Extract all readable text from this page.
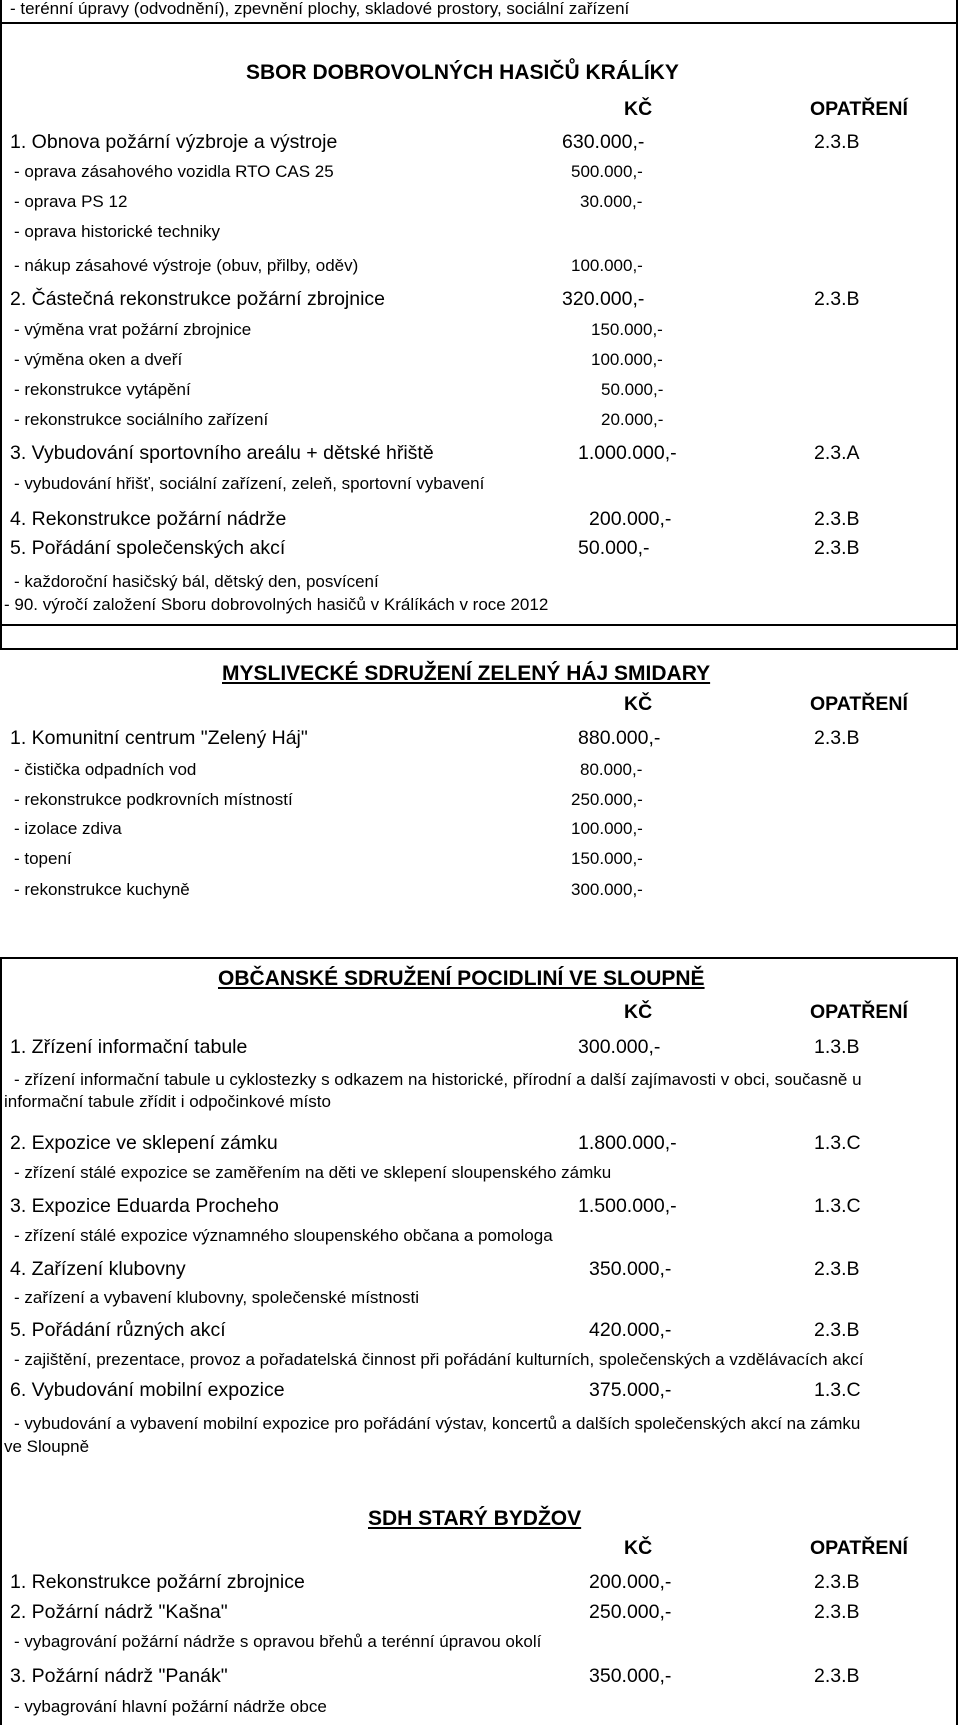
- terénní úpravy (odvodnění), zpevnění plochy, skladové prostory, sociální zařízení
SBOR DOBROVOLNÝCH HASIČŮ KRÁLÍKY
KČ	OPATŘENÍ
1. Obnova požární výzbroje a výstroje	630.000,-	2.3.B
- oprava zásahového vozidla RTO CAS 25	500.000,-
- oprava PS 12	30.000,-
- oprava historické techniky
- nákup zásahové výstroje (obuv, přilby, oděv)	100.000,-
2. Částečná rekonstrukce požární zbrojnice	320.000,-	2.3.B
- výměna vrat požární zbrojnice	150.000,-
- výměna oken a dveří	100.000,-
- rekonstrukce vytápění	50.000,-
- rekonstrukce sociálního zařízení	20.000,-
3. Vybudování sportovního areálu + dětské hřiště	1.000.000,-	2.3.A
- vybudování hřišť, sociální zařízení, zeleň, sportovní vybavení
4. Rekonstrukce požární nádrže	200.000,-	2.3.B
5. Pořádání společenských akcí	50.000,-	2.3.B
- každoroční hasičský bál, dětský den, posvícení
- 90. výročí založení Sboru dobrovolných hasičů v Králíkách v roce 2012
MYSLIVECKÉ SDRUŽENÍ ZELENÝ HÁJ SMIDARY
KČ	OPATŘENÍ
1. Komunitní centrum "Zelený Háj"	880.000,-	2.3.B
- čistička odpadních vod	80.000,-
- rekonstrukce podkrovních místností	250.000,-
- izolace zdiva	100.000,-
- topení	150.000,-
- rekonstrukce kuchyně	300.000,-
OBČANSKÉ SDRUŽENÍ POCIDLINÍ VE SLOUPNĚ
KČ	OPATŘENÍ
1. Zřízení informační tabule	300.000,-	1.3.B
- zřízení informační tabule u cyklostezky s odkazem na historické, přírodní a další zajímavosti v obci, současně u
informační tabule zřídit i odpočinkové místo
2. Expozice ve sklepení zámku	1.800.000,-	1.3.C
- zřízení stálé expozice se zaměřením na děti ve sklepení sloupenského zámku
3. Expozice Eduarda Procheho	1.500.000,-	1.3.C
- zřízení stálé expozice významného sloupenského občana a pomologa
4. Zařízení klubovny	350.000,-	2.3.B
- zařízení a vybavení klubovny, společenské místnosti
5. Pořádání různých akcí	420.000,-	2.3.B
- zajištění, prezentace, provoz a pořadatelská činnost při pořádání kulturních, společenských a vzdělávacích akcí
6. Vybudování mobilní expozice	375.000,-	1.3.C
- vybudování a vybavení mobilní expozice pro pořádání výstav, koncertů a dalších společenských akcí na zámku
ve Sloupně
SDH STARÝ BYDŽOV
KČ	OPATŘENÍ
1. Rekonstrukce požární zbrojnice	200.000,-	2.3.B
2. Požární nádrž "Kašna"	250.000,-	2.3.B
- vybagrování požární nádrže s opravou břehů a terénní úpravou okolí
3. Požární nádrž "Panák"	350.000,-	2.3.B
- vybagrování hlavní požární nádrže obce
